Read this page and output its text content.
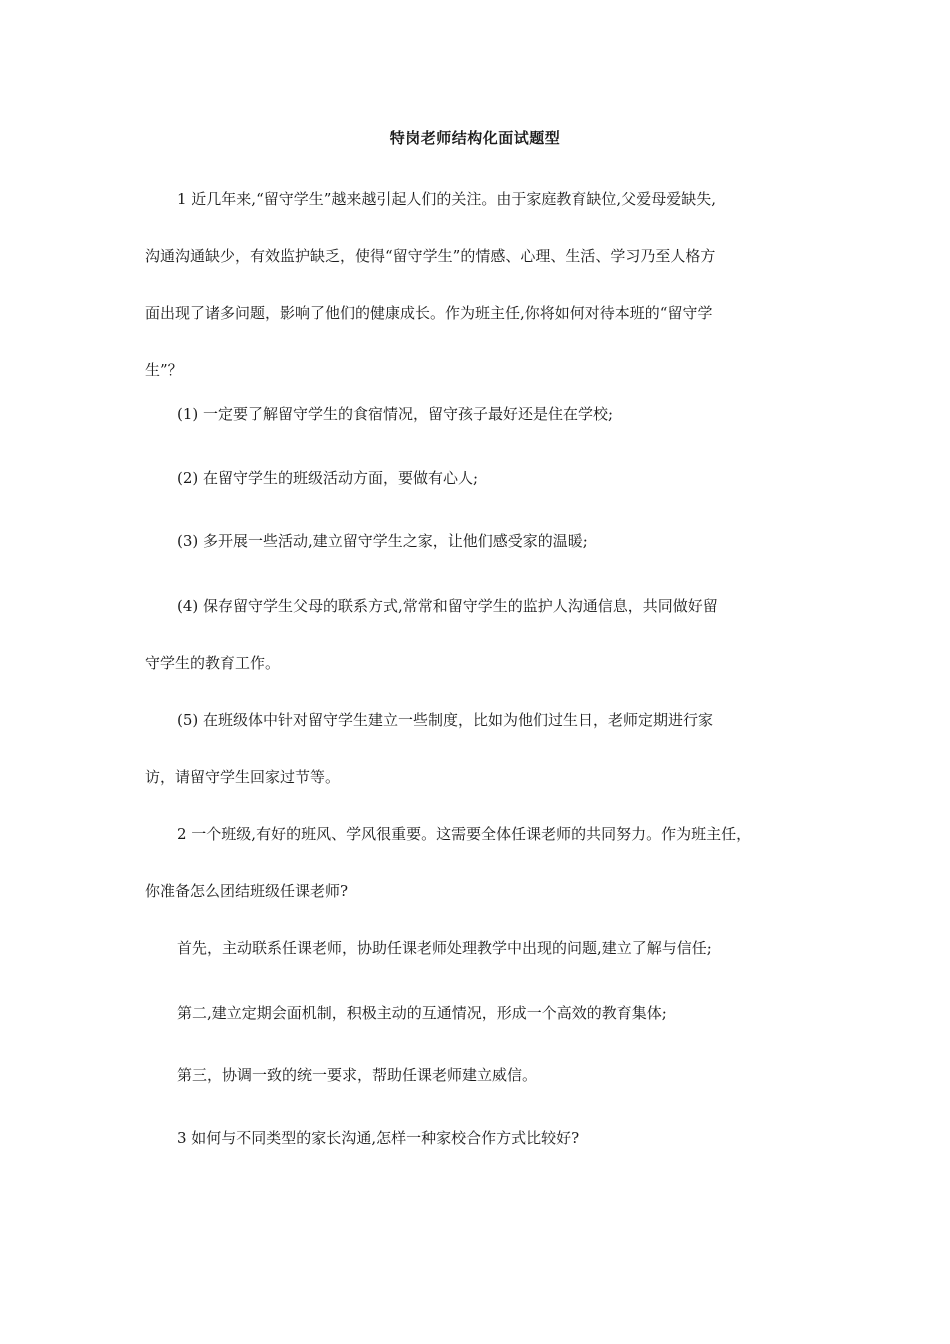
特岗老师结构化面试题型
1 近几年来,“留守学生”越来越引起人们的关注。由于家庭教育缺位,父爱母爱缺失,
沟通沟通缺少，有效监护缺乏，使得“留守学生”的情感、心理、生活、学习乃至人格方
面出现了诸多问题，影响了他们的健康成长。作为班主任,你将如何对待本班的“留守学
生”？
(1) 一定要了解留守学生的食宿情况，留守孩子最好还是住在学校;
(2) 在留守学生的班级活动方面，要做有心人;
(3) 多开展一些活动,建立留守学生之家，让他们感受家的温暖;
(4) 保存留守学生父母的联系方式,常常和留守学生的监护人沟通信息，共同做好留
守学生的教育工作。
(5) 在班级体中针对留守学生建立一些制度，比如为他们过生日，老师定期进行家
访，请留守学生回家过节等。
2 一个班级,有好的班风、学风很重要。这需要全体任课老师的共同努力。作为班主任，
你准备怎么团结班级任课老师?
首先，主动联系任课老师，协助任课老师处理教学中出现的问题,建立了解与信任;
第二,建立定期会面机制，积极主动的互通情况，形成一个高效的教育集体;
第三，协调一致的统一要求，帮助任课老师建立威信。
3 如何与不同类型的家长沟通,怎样一种家校合作方式比较好?
